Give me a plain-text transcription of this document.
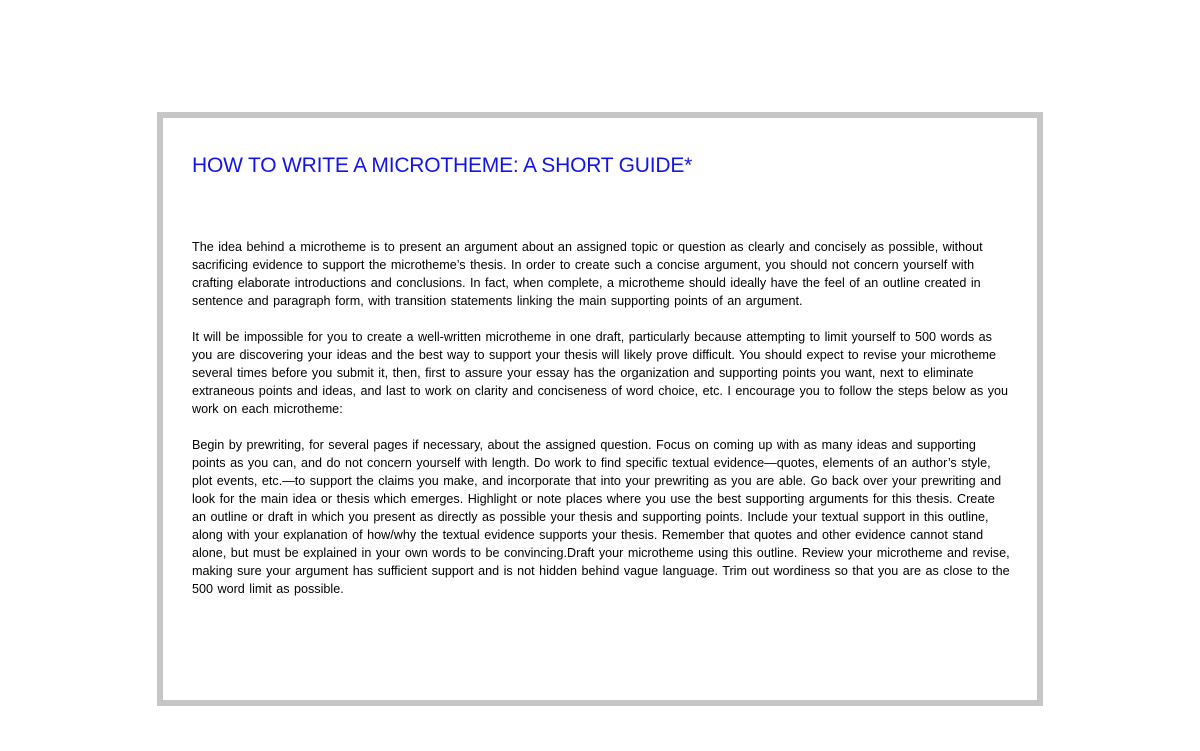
HOW TO WRITE A MICROTHEME: A SHORT GUIDE*

The idea behind a microtheme is to present an argument about an assigned topic or question as clearly and concisely as possible, without sacrificing evidence to support the microtheme’s thesis. In order to create such a concise argument, you should not concern yourself with crafting elaborate introductions and conclusions. In fact, when complete, a microtheme should ideally have the feel of an outline created in sentence and paragraph form, with transition statements linking the main supporting points of an argument.

It will be impossible for you to create a well-written microtheme in one draft, particularly because attempting to limit yourself to 500 words as you are discovering your ideas and the best way to support your thesis will likely prove difficult. You should expect to revise your microtheme several times before you submit it, then, first to assure your essay has the organization and supporting points you want, next to eliminate extraneous points and ideas, and last to work on clarity and conciseness of word choice, etc. I encourage you to follow the steps below as you work on each microtheme:

Begin by prewriting, for several pages if necessary, about the assigned question. Focus on coming up with as many ideas and supporting points as you can, and do not concern yourself with length. Do work to find specific textual evidence—quotes, elements of an author’s style, plot events, etc.—to support the claims you make, and incorporate that into your prewriting as you are able. Go back over your prewriting and look for the main idea or thesis which emerges. Highlight or note places where you use the best supporting arguments for this thesis. Create an outline or draft in which you present as directly as possible your thesis and supporting points. Include your textual support in this outline, along with your explanation of how/why the textual evidence supports your thesis. Remember that quotes and other evidence cannot stand alone, but must be explained in your own words to be convincing.Draft your microtheme using this outline. Review your microtheme and revise, making sure your argument has sufficient support and is not hidden behind vague language. Trim out wordiness so that you are as close to the 500 word limit as possible.
